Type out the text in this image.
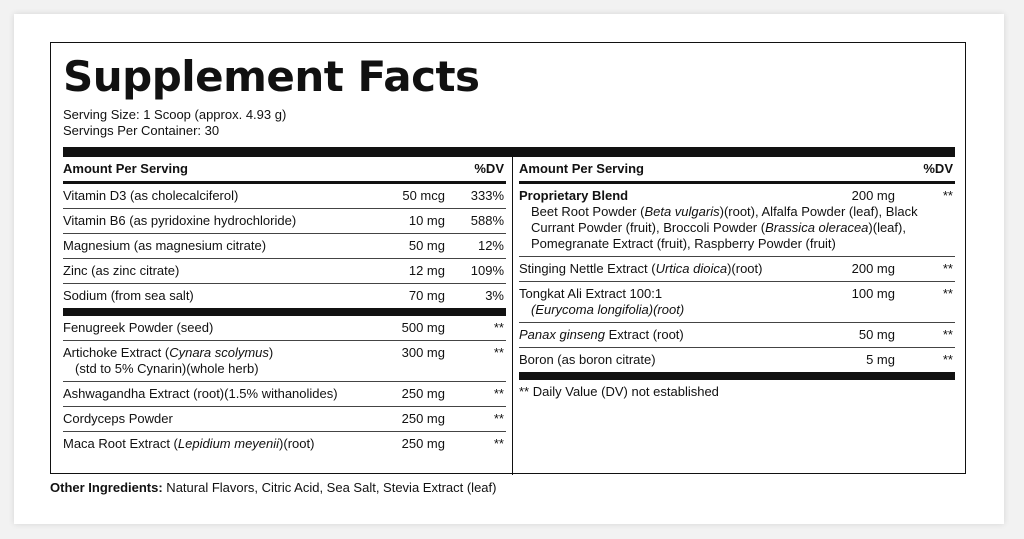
Supplement Facts
Serving Size: 1 Scoop (approx. 4.93 g)
Servings Per Container: 30
Amount Per Serving	%DV
Vitamin D3 (as cholecalciferol)	50 mcg 333%
Vitamin B6 (as pyridoxine hydrochloride)	10 mg 588%
Magnesium (as magnesium citrate)	50 mg	12%
Zinc (as zinc citrate)	12 mg 109%
Sodium (from sea salt)	70 mg	3%
Fenugreek Powder (seed)	500 mg	**
Artichoke Extract (Cynara scolymus)
(std to 5% Cynarin)(whole herb)
300 mg	**
Ashwagandha Extract (root)(1.5% withanolides)	250 mg	**
Cordyceps Powder	250 mg	**
Maca Root Extract (Lepidium meyenii)(root)	250 mg	**
Amount Per Serving	%DV
Proprietary Blend	200 mg	**
Beet Root Powder (Beta vulgaris)(root), Alfalfa Powder (leaf), Black Currant Powder (fruit), Broccoli Powder (Brassica oleracea)(leaf), Pomegranate Extract (fruit), Raspberry Powder (fruit)
Stinging Nettle Extract (Urtica dioica)(root)	200 mg	**
Tongkat Ali Extract 100:1
(Eurycoma longifolia)(root)
100 mg	**
Panax ginseng Extract (root)	50 mg	**
Boron (as boron citrate)	5 mg	**
** Daily Value (DV) not established
Other Ingredients: Natural Flavors, Citric Acid, Sea Salt, Stevia Extract (leaf)
